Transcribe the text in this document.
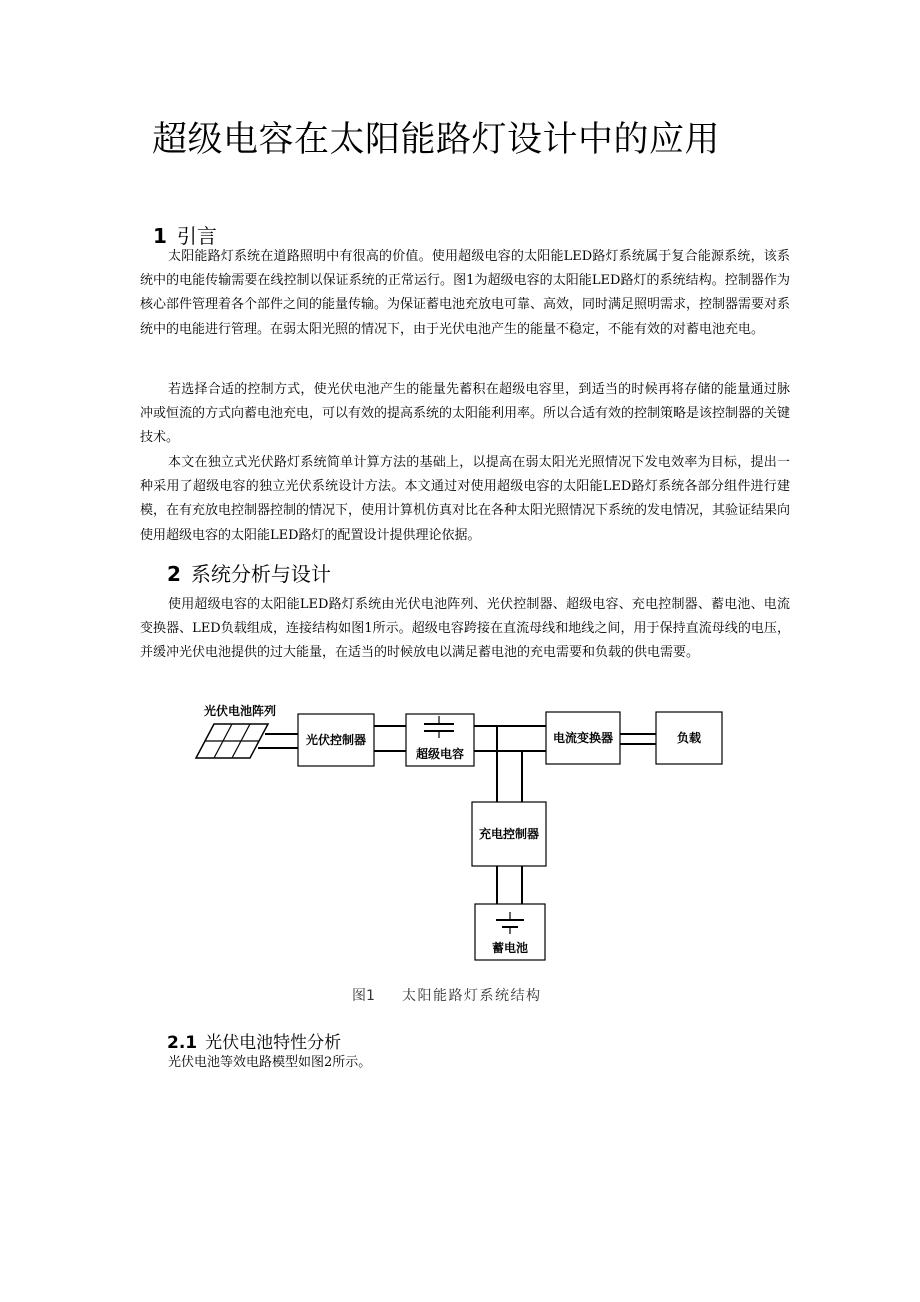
超级电容在太阳能路灯设计中的应用
1 引言

太阳能路灯系统在道路照明中有很高的价值。使用超级电容的太阳能LED路灯系统属于复合能源系统，该系统中的电能传输需要在线控制以保证系统的正常运行。图1为超级电容的太阳能LED路灯的系统结构。控制器作为核心部件管理着各个部件之间的能量传输。为保证蓄电池充放电可靠、高效，同时满足照明需求，控制器需要对系统中的电能进行管理。在弱太阳光照的情况下，由于光伏电池产生的能量不稳定，不能有效的对蓄电池充电。

若选择合适的控制方式，使光伏电池产生的能量先蓄积在超级电容里，到适当的时候再将存储的能量通过脉冲或恒流的方式向蓄电池充电，可以有效的提高系统的太阳能利用率。所以合适有效的控制策略是该控制器的关键技术。

本文在独立式光伏路灯系统简单计算方法的基础上，以提高在弱太阳光光照情况下发电效率为目标，提出一种采用了超级电容的独立光伏系统设计方法。本文通过对使用超级电容的太阳能LED路灯系统各部分组件进行建模，在有充放电控制器控制的情况下，使用计算机仿真对比在各种太阳光照情况下系统的发电情况，其验证结果向使用超级电容的太阳能LED路灯的配置设计提供理论依据。

2 系统分析与设计

使用超级电容的太阳能LED路灯系统由光伏电池阵列、光伏控制器、超级电容、充电控制器、蓄电池、电流变换器、LED负载组成，连接结构如图1所示。超级电容跨接在直流母线和地线之间，用于保持直流母线的电压，并缓冲光伏电池提供的过大能量，在适当的时候放电以满足蓄电池的充电需要和负载的供电需要。

光伏电池阵列
光伏控制器
超级电容
电流变换器	负载
充电控制器
蓄电池
图1 太阳能路灯系统结构
2.1 光伏电池特性分析

光伏电池等效电路模型如图2所示。
